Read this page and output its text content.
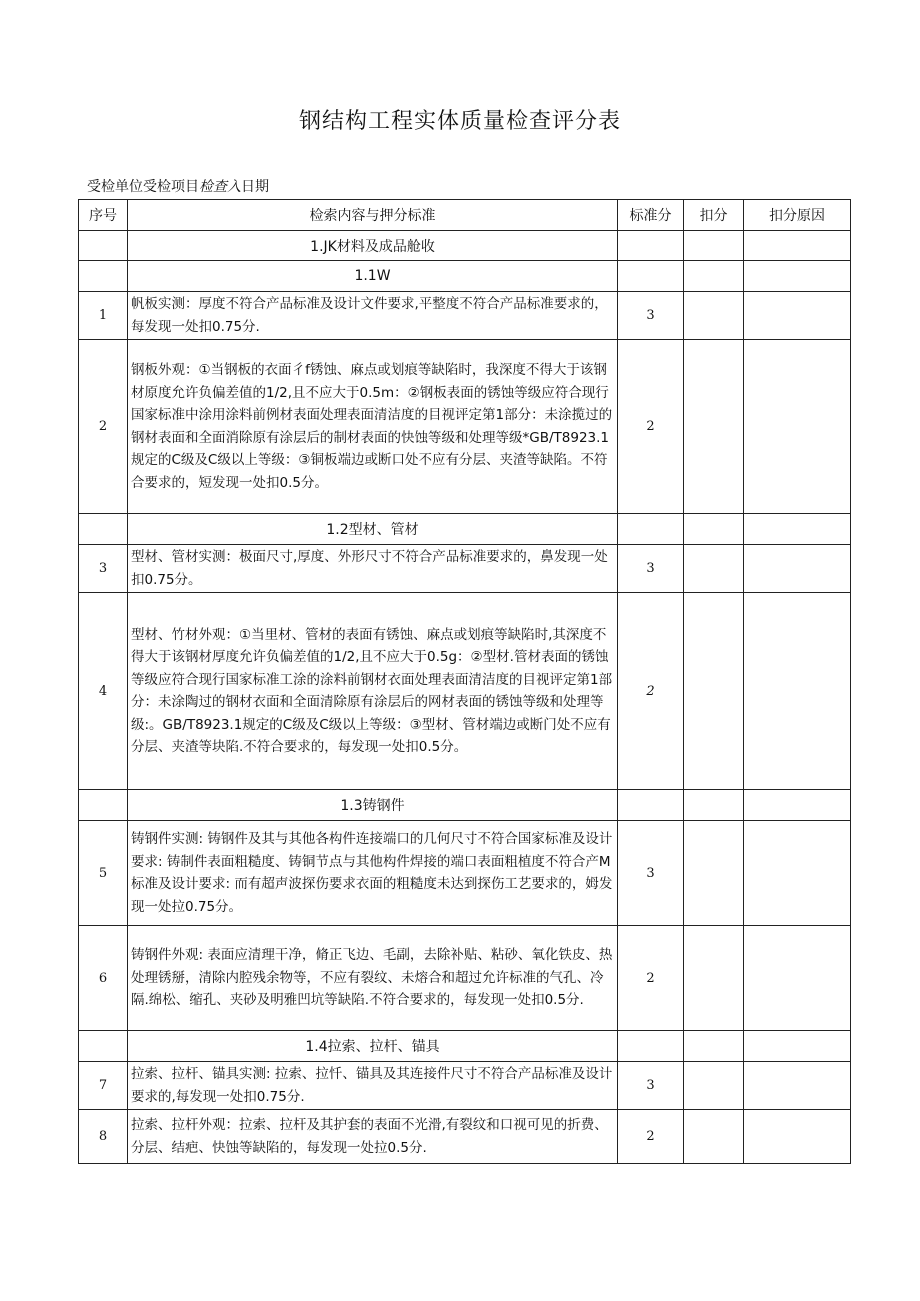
钢结构工程实体质量检查评分表
受检单位受检项目检查入日期
序号	检索内容与押分标准	标准分	扣分	扣分原因
	1.JK材料及成品舱收			
	1.1W			
1	帆板实测：厚度不符合产品标准及设计文件要求,平整度不符合产品标准要求的，每发现一处扣0.75分.	3		
2	钢板外观：①当钢板的衣面彳f锈蚀、麻点或划痕等缺陷时，我深度不得大于该钢材原度允许负偏差值的1/2,且不应大于0.5m：②钢板表面的锈蚀等级应符合现行国家标准中涂用涂料前例材表面处理表面清洁度的目视评定第1部分：未涂揽过的钢材表面和全面消除原有涂层后的制材表面的快蚀等级和处理等级*GB/T8923.1规定的C级及C级以上等级：③铜板端边或断口处不应有分层、夹渣等缺陷。不符合要求的，短发现一处扣0.5分。	2		
	1.2型材、管材			
3	型材、管材实测：极面尺寸,厚度、外形尺寸不符合产品标准要求的，鼻发现一处扣0.75分。	3		
4	型材、竹材外观：①当里材、管材的表面有锈蚀、麻点或划痕等缺陷时,其深度不得大于该钢材厚度允许负偏差值的1/2,且不应大于0.5g：②型材.管材表面的锈蚀等级应符合现行国家标准工涂的涂料前钢材衣面处理表面清洁度的目视评定第1部分：未涂陶过的钢材衣面和全面清除原有涂层后的网材表面的锈蚀等级和处理等级:。GB/T8923.1规定的C级及C级以上等级：③型材、管材端边或断门处不应有分层、夹渣等块陷.不符合要求的，每发现一处扣0.5分。	2		
	1.3铸钢件			
5	铸钢件实测: 铸钢件及其与其他各构件连接端口的几何尺寸不符合国家标准及设计要求: 铸制件表面粗糙度、铸铜节点与其他构件焊接的端口表面粗植度不符合产M标准及设计要求: 而有超声波探伤要求衣面的粗糙度未达到探伤工艺要求的，姆发现一处拉0.75分。	3		
6	铸钢件外观: 表面应清理干净，脩正飞边、毛副，去除补贴、粘砂、氧化铁皮、热处理锈掰，清除内腔残余物等，不应有裂纹、未熔合和超过允许标准的气孔、冷隔.绵松、缩孔、夹砂及明雅凹坑等缺陷.不符合要求的，每发现一处扣0.5分.	2		
	1.4拉索、拉杆、锚具			
7	拉索、拉杆、锚具实测: 拉索、拉忏、锚具及其连接件尺寸不符合产品标准及设计要求的,每发现一处扣0.75分.	3		
8	拉索、拉杆外观：拉索、拉杆及其护套的表面不光滑,有裂纹和口视可见的折费、分层、结疤、快蚀等缺陷的，每发现一处拉0.5分.	2		
